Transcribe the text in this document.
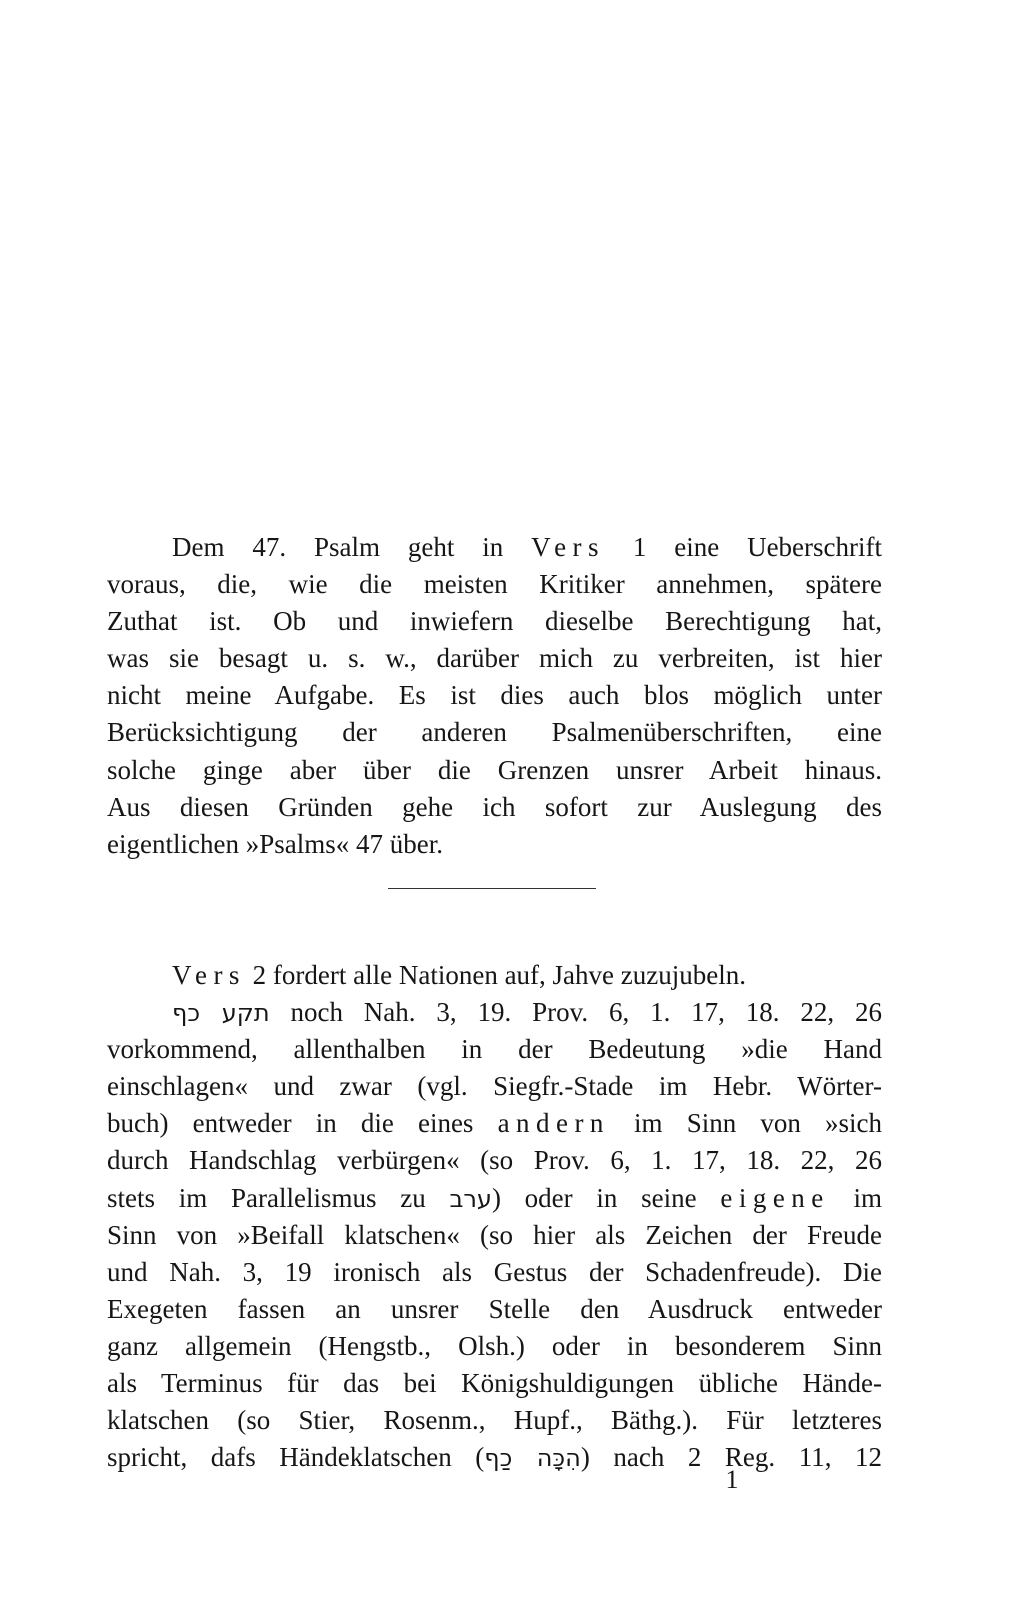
Dem 47. Psalm geht in Vers 1 eine Ueberschrift
voraus, die, wie die meisten Kritiker annehmen, spätere
Zuthat ist. Ob und inwiefern dieselbe Berechtigung hat,
was sie besagt u. s. w., darüber mich zu verbreiten, ist hier
nicht meine Aufgabe. Es ist dies auch blos möglich unter
Berücksichtigung der anderen Psalmenüberschriften, eine
solche ginge aber über die Grenzen unsrer Arbeit hinaus.
Aus diesen Gründen gehe ich sofort zur Auslegung des
eigentlichen »Psalms« 47 über.
Vers 2 fordert alle Nationen auf, Jahve zuzujubeln.
תקע כף noch Nah. 3, 19. Prov. 6, 1. 17, 18. 22, 26
vorkommend, allenthalben in der Bedeutung »die Hand
einschlagen« und zwar (vgl. Siegfr.-Stade im Hebr. Wörter-
buch) entweder in die eines andern im Sinn von »sich
durch Handschlag verbürgen« (so Prov. 6, 1. 17, 18. 22, 26
stets im Parallelismus zu ערב) oder in seine eigene im
Sinn von »Beifall klatschen« (so hier als Zeichen der Freude
und Nah. 3, 19 ironisch als Gestus der Schadenfreude). Die
Exegeten fassen an unsrer Stelle den Ausdruck entweder
ganz allgemein (Hengstb., Olsh.) oder in besonderem Sinn
als Terminus für das bei Königshuldigungen übliche Hände-
klatschen (so Stier, Rosenm., Hupf., Bäthg.). Für letzteres
spricht, dafs Händeklatschen (הִכָּה כַף) nach 2 Reg. 11, 12
1
